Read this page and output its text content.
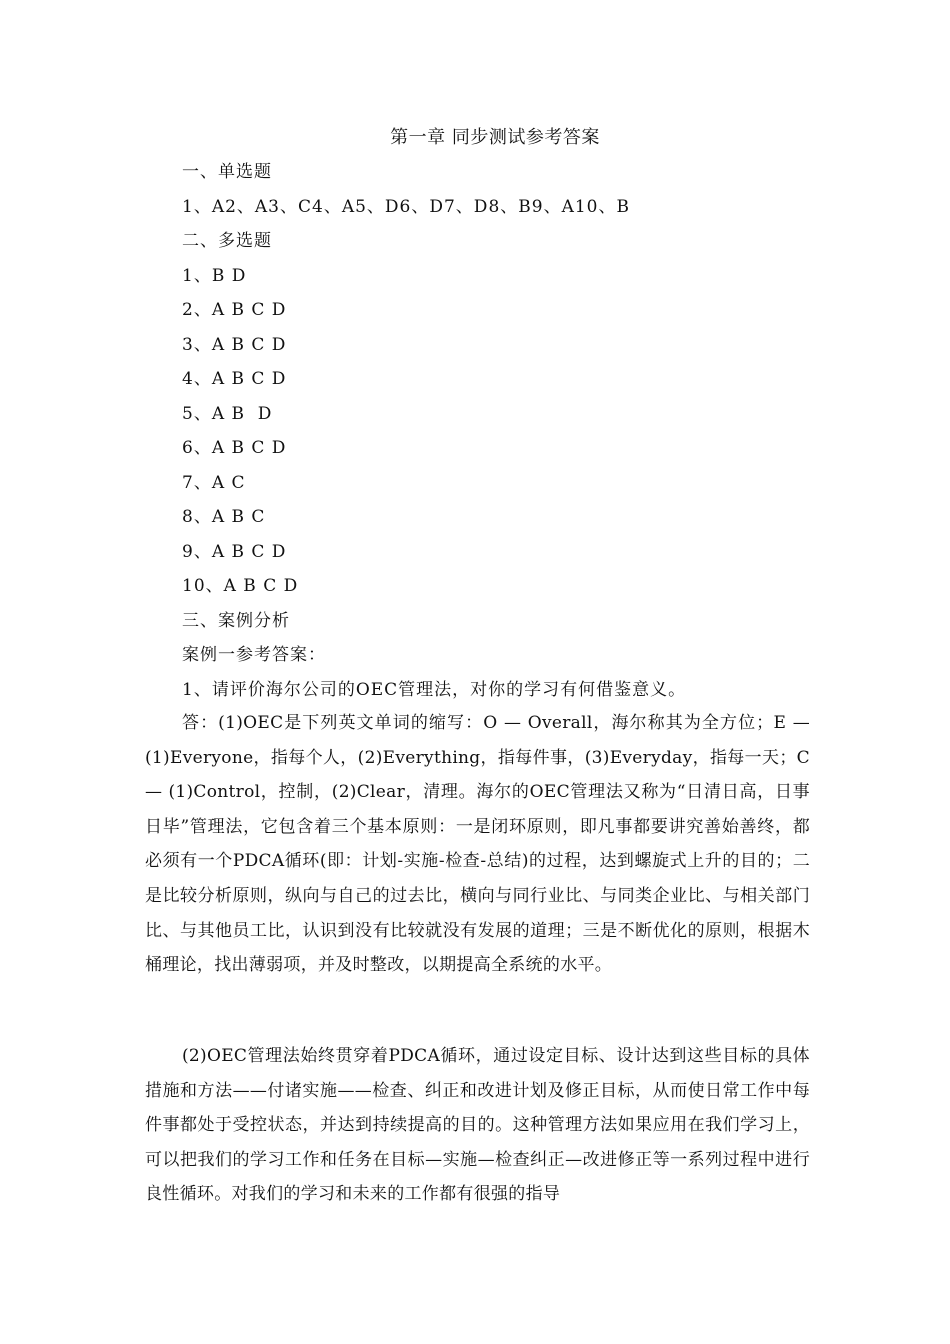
第一章 同步测试参考答案
一、单选题
1、A2、A3、C4、A5、D6、D7、D8、B9、A10、B
二、多选题
1、B D
2、A B C D
3、A B C D
4、A B C D
5、A B  D
6、A B C D
7、A C
8、A B C
9、A B C D
10、A B C D
三、案例分析
案例一参考答案：
1、请评价海尔公司的OEC管理法，对你的学习有何借鉴意义。

答：(1)OEC是下列英文单词的缩写：O — Overall，海尔称其为全方位；E — (1)Everyone，指每个人，(2)Everything，指每件事，(3)Everyday，指每一天；C — (1)Control，控制，(2)Clear，清理。海尔的OEC管理法又称为“日清日高，日事日毕”管理法，它包含着三个基本原则：一是闭环原则，即凡事都要讲究善始善终，都必须有一个PDCA循环(即：计划-实施-检查-总结)的过程，达到螺旋式上升的目的；二是比较分析原则，纵向与自己的过去比，横向与同行业比、与同类企业比、与相关部门比、与其他员工比，认识到没有比较就没有发展的道理；三是不断优化的原则，根据木桶理论，找出薄弱项，并及时整改，以期提高全系统的水平。

(2)OEC管理法始终贯穿着PDCA循环，通过设定目标、设计达到这些目标的具体措施和方法——付诸实施——检查、纠正和改进计划及修正目标，从而使日常工作中每件事都处于受控状态，并达到持续提高的目的。这种管理方法如果应用在我们学习上，可以把我们的学习工作和任务在目标—实施—检查纠正—改进修正等一系列过程中进行良性循环。对我们的学习和未来的工作都有很强的指导
